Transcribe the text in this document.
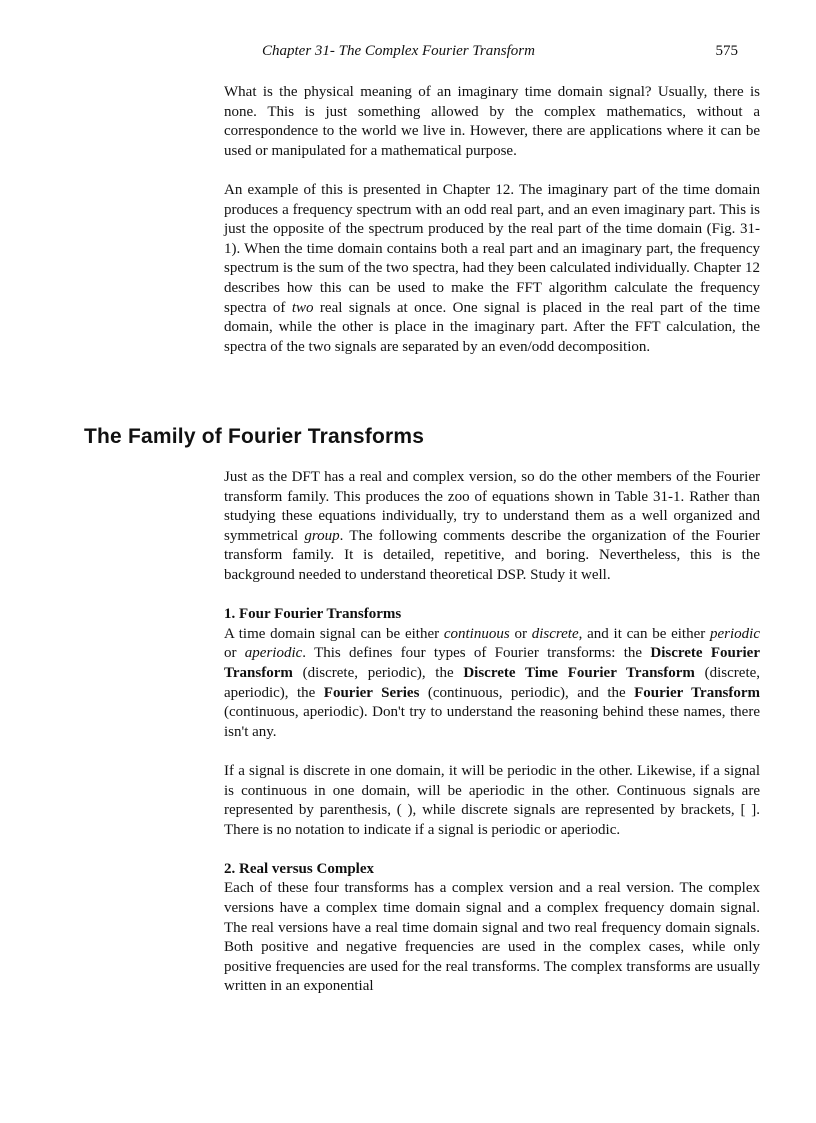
Chapter 31- The Complex Fourier Transform	575

What is the physical meaning of an imaginary time domain signal? Usually, there is none. This is just something allowed by the complex mathematics, without a correspondence to the world we live in. However, there are applications where it can be used or manipulated for a mathematical purpose.

An example of this is presented in Chapter 12. The imaginary part of the time domain produces a frequency spectrum with an odd real part, and an even imaginary part. This is just the opposite of the spectrum produced by the real part of the time domain (Fig. 31-1). When the time domain contains both a real part and an imaginary part, the frequency spectrum is the sum of the two spectra, had they been calculated individually. Chapter 12 describes how this can be used to make the FFT algorithm calculate the frequency spectra of two real signals at once. One signal is placed in the real part of the time domain, while the other is place in the imaginary part. After the FFT calculation, the spectra of the two signals are separated by an even/odd decomposition.

The Family of Fourier Transforms

Just as the DFT has a real and complex version, so do the other members of the Fourier transform family. This produces the zoo of equations shown in Table 31-1. Rather than studying these equations individually, try to understand them as a well organized and symmetrical group. The following comments describe the organization of the Fourier transform family. It is detailed, repetitive, and boring. Nevertheless, this is the background needed to understand theoretical DSP. Study it well.

1. Four Fourier Transforms

A time domain signal can be either continuous or discrete, and it can be either periodic or aperiodic. This defines four types of Fourier transforms: the Discrete Fourier Transform (discrete, periodic), the Discrete Time Fourier Transform (discrete, aperiodic), the Fourier Series (continuous, periodic), and the Fourier Transform (continuous, aperiodic). Don't try to understand the reasoning behind these names, there isn't any.

If a signal is discrete in one domain, it will be periodic in the other. Likewise, if a signal is continuous in one domain, will be aperiodic in the other. Continuous signals are represented by parenthesis, ( ), while discrete signals are represented by brackets, [ ]. There is no notation to indicate if a signal is periodic or aperiodic.

2. Real versus Complex

Each of these four transforms has a complex version and a real version. The complex versions have a complex time domain signal and a complex frequency domain signal. The real versions have a real time domain signal and two real frequency domain signals. Both positive and negative frequencies are used in the complex cases, while only positive frequencies are used for the real transforms. The complex transforms are usually written in an exponential
